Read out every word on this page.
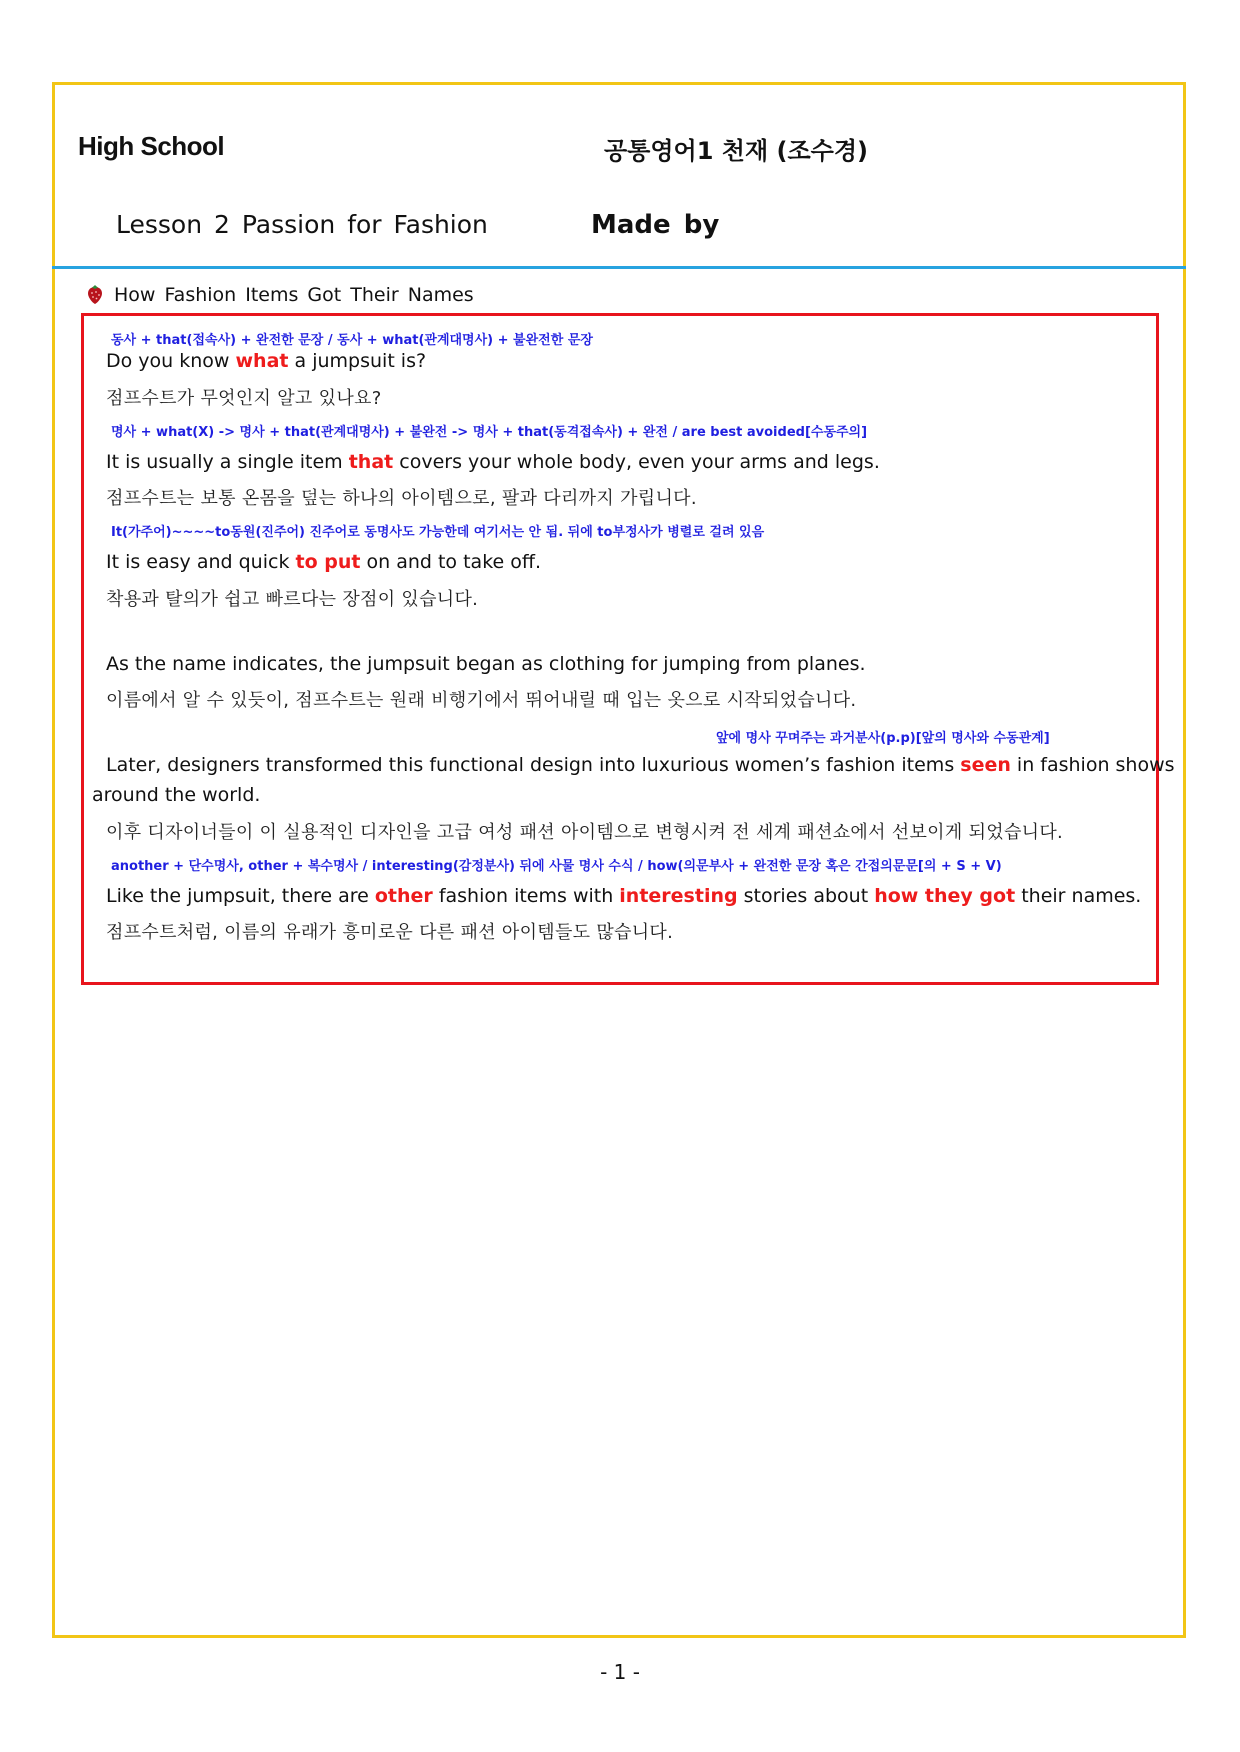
High School	공통영어1 천재 (조수경)
Lesson 2 Passion for Fashion	Made by
How Fashion Items Got Their Names
동사 + that(접속사) + 완전한 문장 / 동사 + what(관계대명사) + 불완전한 문장
Do you know what a jumpsuit is?
점프수트가 무엇인지 알고 있나요?
명사 + what(X) -> 명사 + that(관계대명사) + 불완전 -> 명사 + that(동격접속사) + 완전 / are best avoided[수동주의]
It is usually a single item that covers your whole body, even your arms and legs.
점프수트는 보통 온몸을 덮는 하나의 아이템으로, 팔과 다리까지 가립니다.
It(가주어)~~~~to동원(진주어) 진주어로 동명사도 가능한데 여기서는 안 됨. 뒤에 to부정사가 병렬로 걸려 있음
It is easy and quick to put on and to take off.
착용과 탈의가 쉽고 빠르다는 장점이 있습니다.
As the name indicates, the jumpsuit began as clothing for jumping from planes.
이름에서 알 수 있듯이, 점프수트는 원래 비행기에서 뛰어내릴 때 입는 옷으로 시작되었습니다.
앞에 명사 꾸며주는 과거분사(p.p)[앞의 명사와 수동관계]
Later, designers transformed this functional design into luxurious women’s fashion items seen in fashion shows
around the world.
이후 디자이너들이 이 실용적인 디자인을 고급 여성 패션 아이템으로 변형시켜 전 세계 패션쇼에서 선보이게 되었습니다.
another + 단수명사, other + 복수명사 / interesting(감정분사) 뒤에 사물 명사 수식 / how(의문부사 + 완전한 문장 혹은 간접의문문[의 + S + V)
Like the jumpsuit, there are other fashion items with interesting stories about how they got their names.
점프수트처럼, 이름의 유래가 흥미로운 다른 패션 아이템들도 많습니다.
- 1 -
